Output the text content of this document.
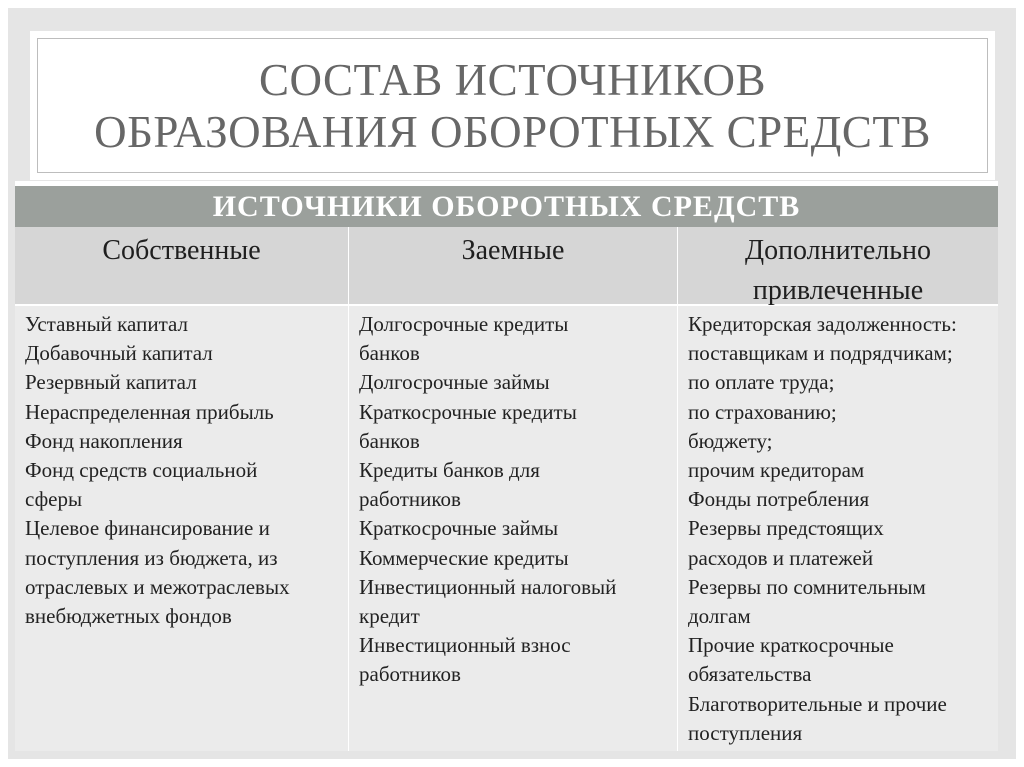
СОСТАВ ИСТОЧНИКОВ
ОБРАЗОВАНИЯ ОБОРОТНЫХ СРЕДСТВ
ИСТОЧНИКИ ОБОРОТНЫХ СРЕДСТВ
Собственные
Уставный капитал
Добавочный капитал
Резервный капитал
Нераспределенная прибыль
Фонд накопления
Фонд средств социальной
сферы
Целевое финансирование и
поступления из бюджета, из
отраслевых и межотраслевых
внебюджетных фондов
Заемные
Долгосрочные кредиты
банков
Долгосрочные займы
Краткосрочные кредиты
банков
Кредиты банков для
работников
Краткосрочные займы
Коммерческие кредиты
Инвестиционный налоговый
кредит
Инвестиционный взнос
работников
Дополнительно
привлеченные
Кредиторская задолженность:
поставщикам и подрядчикам;
по оплате труда;
по страхованию;
бюджету;
прочим кредиторам
Фонды потребления
Резервы предстоящих
расходов и платежей
Резервы по сомнительным
долгам
Прочие краткосрочные
обязательства
Благотворительные и прочие
поступления
